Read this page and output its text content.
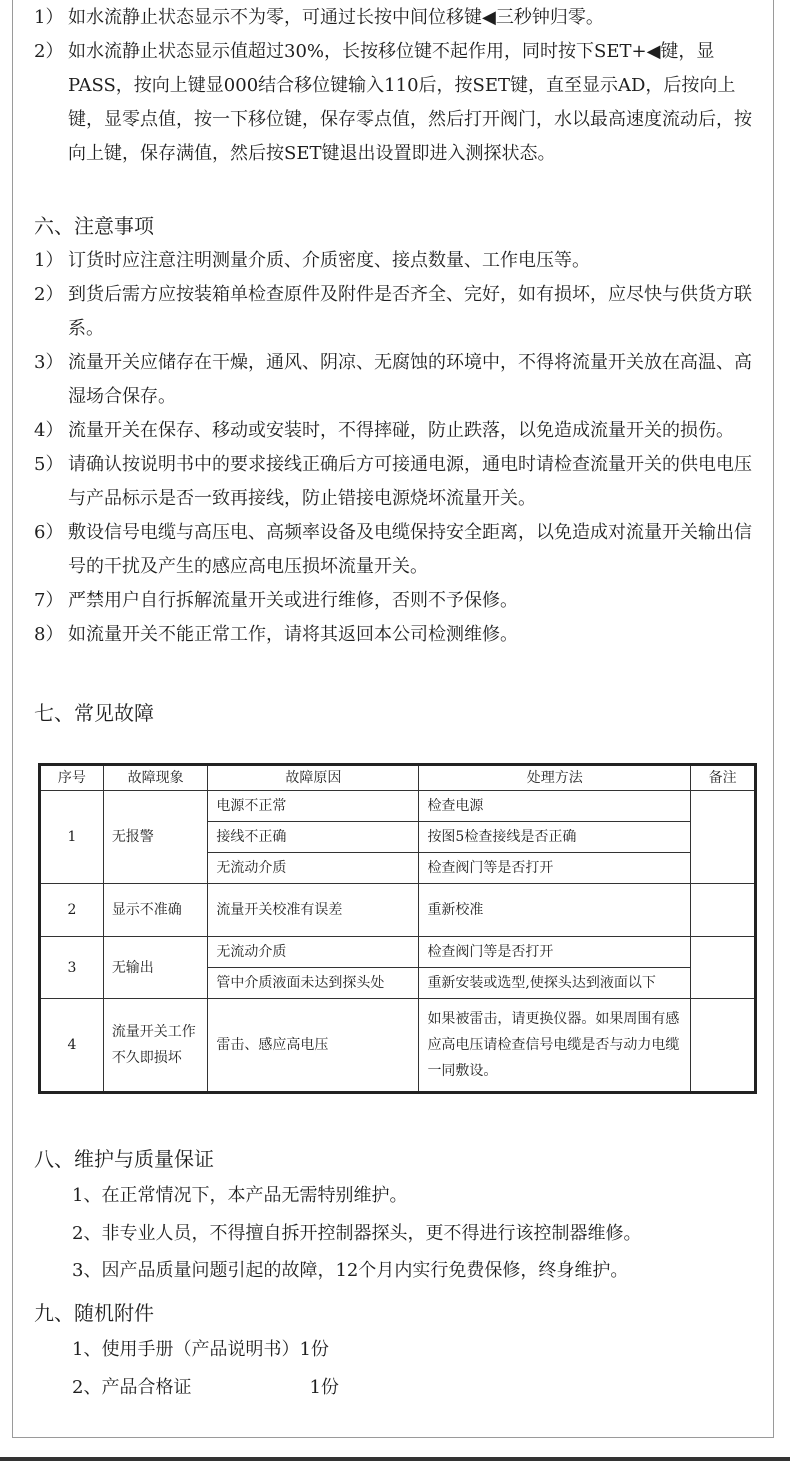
1） 如水流静止状态显示不为零，可通过长按中间位移键◀三秒钟归零。
2） 如水流静止状态显示值超过30%，长按移位键不起作用，同时按下SET+◀键，显PASS，按向上键显000结合移位键输入110后，按SET键，直至显示AD，后按向上键，显零点值，按一下移位键，保存零点值，然后打开阀门，水以最高速度流动后，按向上键，保存满值，然后按SET键退出设置即进入测探状态。
六、注意事项
1） 订货时应注意注明测量介质、介质密度、接点数量、工作电压等。
2） 到货后需方应按装箱单检查原件及附件是否齐全、完好，如有损坏，应尽快与供货方联系。
3） 流量开关应储存在干燥，通风、阴凉、无腐蚀的环境中，不得将流量开关放在高温、高湿场合保存。
4） 流量开关在保存、移动或安装时，不得摔碰，防止跌落，以免造成流量开关的损伤。
5） 请确认按说明书中的要求接线正确后方可接通电源，通电时请检查流量开关的供电电压与产品标示是否一致再接线，防止错接电源烧坏流量开关。
6） 敷设信号电缆与高压电、高频率设备及电缆保持安全距离，以免造成对流量开关输出信号的干扰及产生的感应高电压损坏流量开关。
7） 严禁用户自行拆解流量开关或进行维修，否则不予保修。
8） 如流量开关不能正常工作，请将其返回本公司检测维修。
七、常见故障
序号	故障现象	故障原因	处理方法	备注
1	无报警	电源不正常	检查电源	
		接线不正确	按图5检查接线是否正确	
		无流动介质	检查阀门等是否打开	
2	显示不准确	流量开关校准有误差	重新校准	
3	无输出	无流动介质	检查阀门等是否打开	
		管中介质液面未达到探头处	重新安装或选型,使探头达到液面以下	
4	流量开关工作不久即损坏	雷击、感应高电压	如果被雷击，请更换仪器。如果周围有感应高电压请检查信号电缆是否与动力电缆一同敷设。	
八、维护与质量保证
1、在正常情况下，本产品无需特别维护。
2、非专业人员，不得擅自拆开控制器探头，更不得进行该控制器维修。
3、因产品质量问题引起的故障，12个月内实行免费保修，终身维护。
九、随机附件
1、使用手册（产品说明书）1份
2、产品合格证	1份
